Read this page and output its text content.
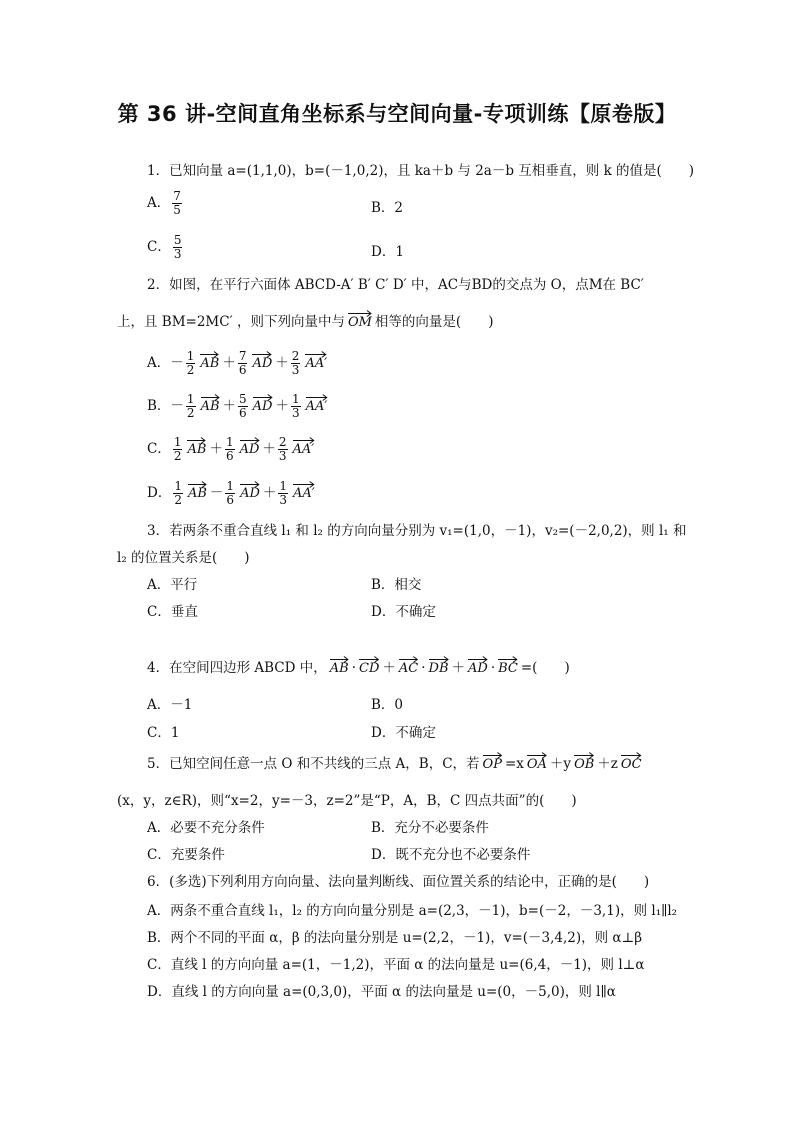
第 36 讲-空间直角坐标系与空间向量-专项训练【原卷版】
1．已知向量 a=(1,1,0)，b=(－1,0,2)，且 ka＋b 与 2a－b 互相垂直，则 k 的值是(　　)
A． $\frac{7}{5}$	B．2
C． $\frac{5}{3}$	D．1
2．如图，在平行六面体 ABCD-A′ B′ C′ D′ 中，AC与BD的交点为 O，点M在 BC′
上，且 BM=2MC′ ，则下列向量中与 OM 相等的向量是(　　)
A．－ $\frac{1}{2}$ AB ＋ $\frac{7}{6}$ AD ＋ $\frac{2}{3} AA'$
B．－ $\frac{1}{2}$ AB ＋ $\frac{5}{6}$ AD ＋ $\frac{1}{3} AA'$
C． $\frac{1}{2}$ AB ＋ $\frac{1}{6}$ AD ＋ $\frac{2}{3} AA'$
D． $\frac{1}{2}$ AB － $\frac{1}{6}$ AD ＋ $\frac{1}{3} AA'$
3．若两条不重合直线 l₁ 和 l₂ 的方向向量分别为 v₁=(1,0，－1)，v₂=(－2,0,2)，则 l₁ 和
l₂ 的位置关系是(　　)
A．平行	B．相交
C．垂直	D．不确定
4．在空间四边形 ABCD 中， AB · CD ＋ AC · DB ＋ AD · BC =(　　)
A．－1	B．0
C．1	D．不确定
5．已知空间任意一点 O 和不共线的三点 A，B，C，若 OP =x OA ＋y OB ＋z OC
(x，y，z∈R)，则“x=2，y=－3，z=2”是“P，A，B，C 四点共面”的(　　)
A．必要不充分条件	B．充分不必要条件
C．充要条件	D．既不充分也不必要条件
6．(多选)下列利用方向向量、法向量判断线、面位置关系的结论中，正确的是(　　)
A．两条不重合直线 l₁，l₂ 的方向向量分别是 a=(2,3，－1)，b=(－2，－3,1)，则 l₁∥l₂
B．两个不同的平面 α，β 的法向量分别是 u=(2,2，－1)，v=(－3,4,2)，则 α⊥β
C．直线 l 的方向向量 a=(1，－1,2)，平面 α 的法向量是 u=(6,4，－1)，则 l⊥α
D．直线 l 的方向向量 a=(0,3,0)，平面 α 的法向量是 u=(0，－5,0)，则 l∥α
